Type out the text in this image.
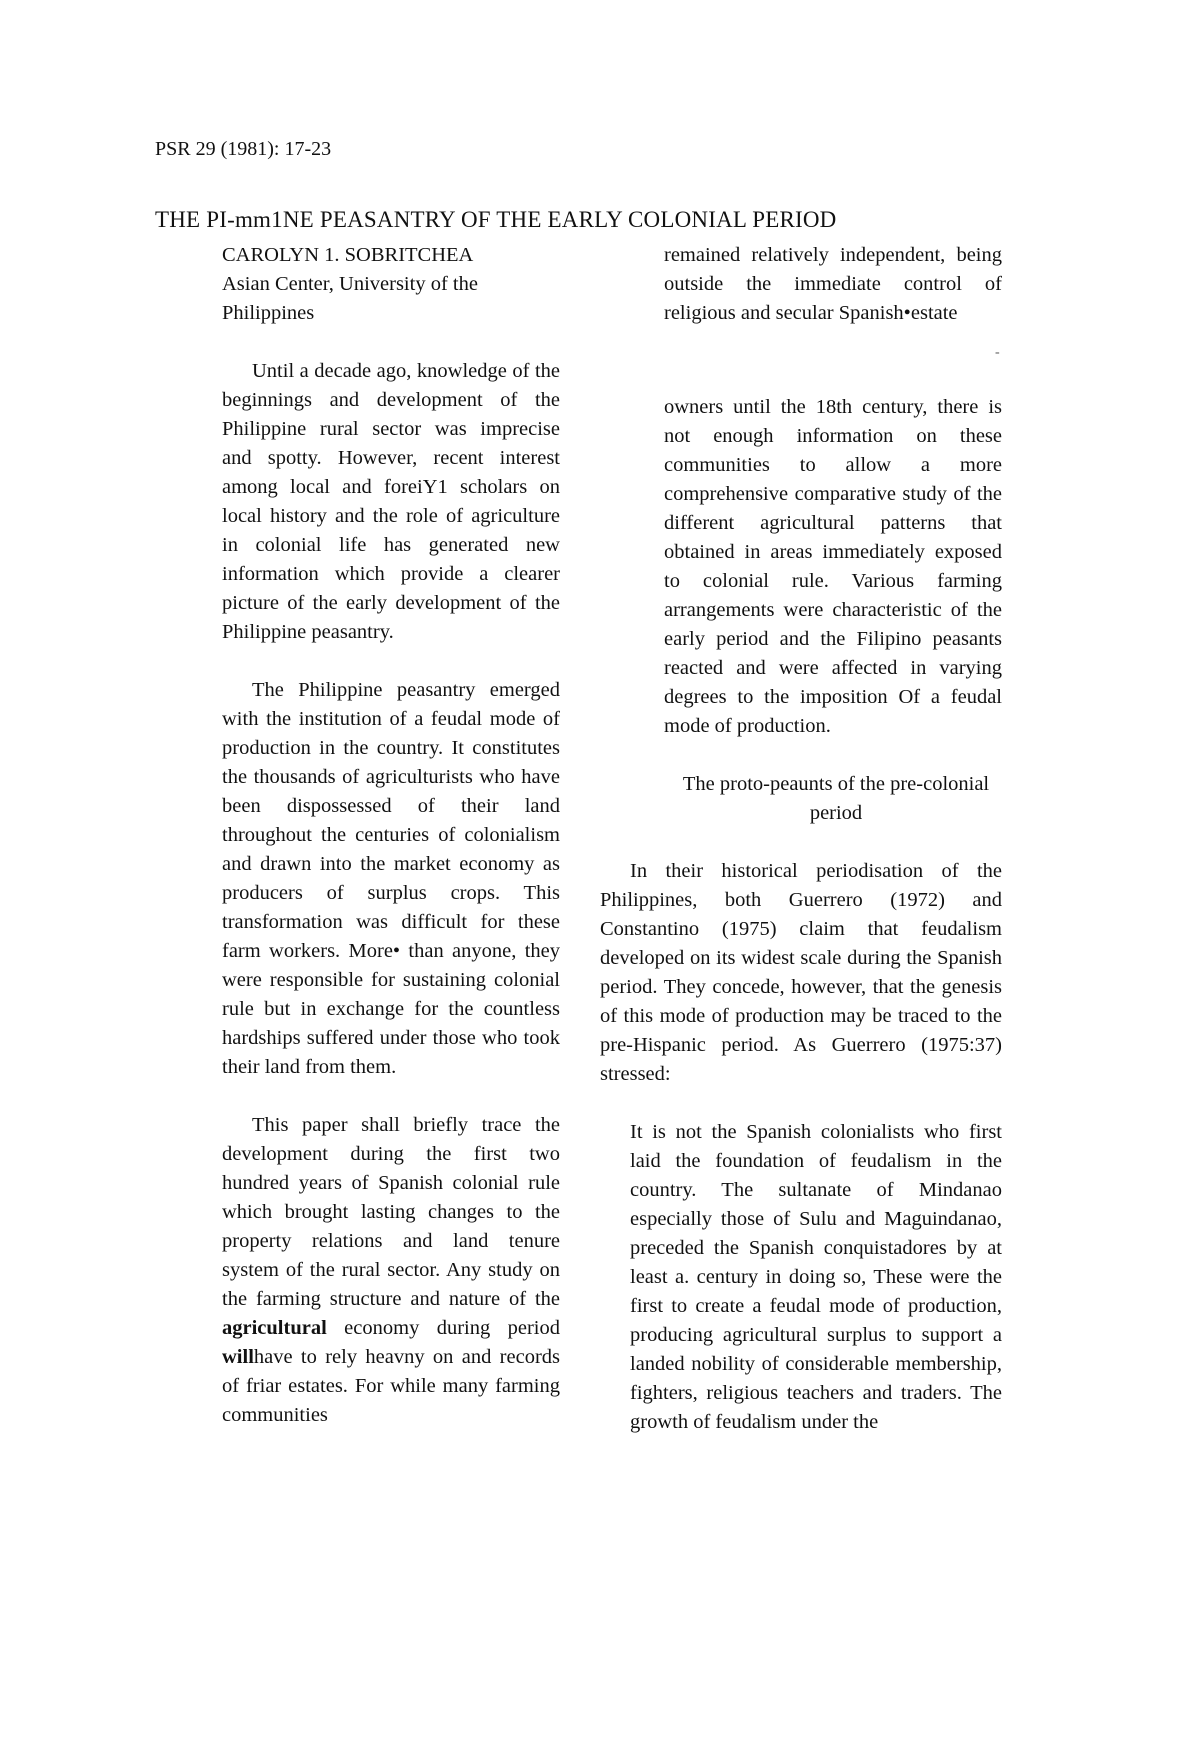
PSR 29 (1981): 17-23
THE PI-mm1NE PEASANTRY OF THE EARLY COLONIAL PERIOD

CAROLYN 1. SOBRITCHEA

Asian Center, University of the Philippines

Until a decade ago, knowledge of the beginnings and development of the Philippine rural sector was imprecise and spotty. However, recent interest among local and foreiY1 scholars on local history and the role of agriculture in colonial life has generated new information which provide a clearer picture of the early development of the Philippine peasantry.

The Philippine peasantry emerged with the institution of a feudal mode of production in the country. It constitutes the thousands of agriculturists who have been dispossessed of their land throughout the centuries of colonialism and drawn into the market economy as producers of surplus crops. This transformation was difficult for these farm workers. More• than anyone, they were responsible for sustaining colonial rule but in exchange for the countless hardships suffered under those who took their land from them.

This paper shall briefly trace the development during the first two hundred years of Spanish colonial rule which brought lasting changes to the property relations and land tenure system of the rural sector. Any study on the farming structure and nature of the agricultural economy during period willhave to rely heavny on and records of friar estates. For while many farming communities

remained relatively independent, being outside the immediate control of religious and secular Spanish•estate

-

owners until the 18th century, there is not enough information on these communities to allow a more comprehensive comparative study of the different agricultural patterns that obtained in areas immediately exposed to colonial rule. Various farming arrangements were characteristic of the early period and the Filipino peasants reacted and were affected in varying degrees to the imposition Of a feudal mode of production.

The proto-peaunts of the pre-colonial period

In their historical periodisation of the Philippines, both Guerrero (1972) and Constantino (1975) claim that feudalism developed on its widest scale during the Spanish period. They concede, however, that the genesis of this mode of production may be traced to the pre-Hispanic period. As Guerrero (1975:37) stressed:

It is not the Spanish colonialists who first laid the foundation of feudalism in the country. The sultanate of Mindanao especially those of Sulu and Maguindanao, preceded the Spanish conquistadores by at least a. century in doing so, These were the first to create a feudal mode of production, producing agricultural surplus to support a landed nobility of considerable membership, fighters, religious teachers and traders. The growth of feudalism under the
